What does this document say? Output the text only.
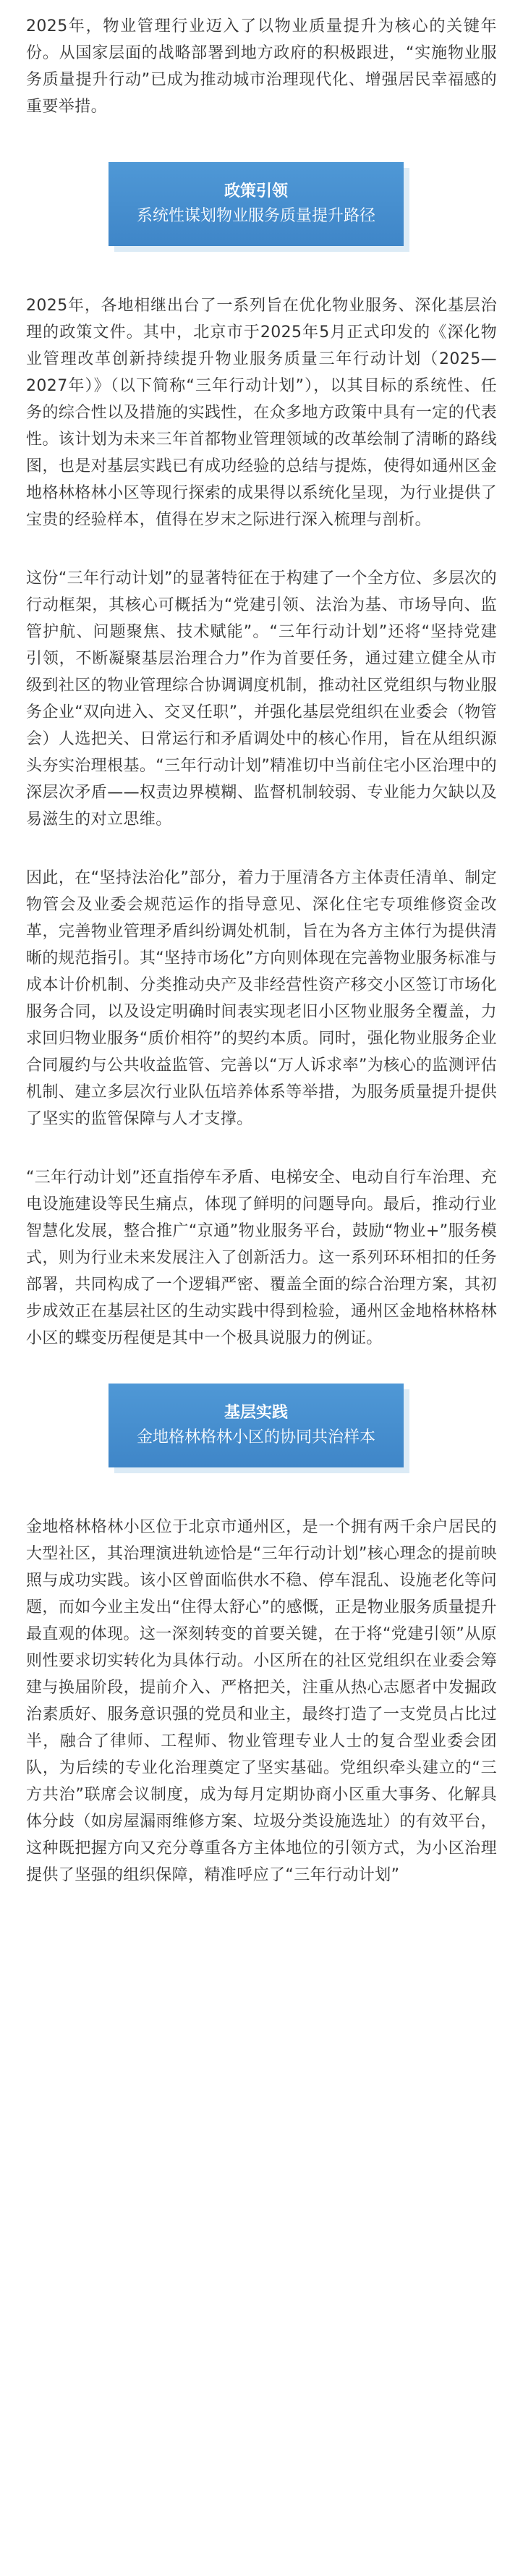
2025年，物业管理行业迈入了以物业质量提升为核心的关键年份。从国家层面的战略部署到地方政府的积极跟进，“实施物业服务质量提升行动”已成为推动城市治理现代化、增强居民幸福感的重要举措。

政策引领
系统性谋划物业服务质量提升路径

2025年，各地相继出台了一系列旨在优化物业服务、深化基层治理的政策文件。其中，北京市于2025年5月正式印发的《深化物业管理改革创新持续提升物业服务质量三年行动计划（2025—2027年）》（以下简称“三年行动计划”），以其目标的系统性、任务的综合性以及措施的实践性，在众多地方政策中具有一定的代表性。该计划为未来三年首都物业管理领域的改革绘制了清晰的路线图，也是对基层实践已有成功经验的总结与提炼，使得如通州区金地格林格林小区等现行探索的成果得以系统化呈现，为行业提供了宝贵的经验样本，值得在岁末之际进行深入梳理与剖析。

这份“三年行动计划”的显著特征在于构建了一个全方位、多层次的行动框架，其核心可概括为“党建引领、法治为基、市场导向、监管护航、问题聚焦、技术赋能”。“三年行动计划”还将“坚持党建引领，不断凝聚基层治理合力”作为首要任务，通过建立健全从市级到社区的物业管理综合协调调度机制，推动社区党组织与物业服务企业“双向进入、交叉任职”，并强化基层党组织在业委会（物管会）人选把关、日常运行和矛盾调处中的核心作用，旨在从组织源头夯实治理根基。“三年行动计划”精准切中当前住宅小区治理中的深层次矛盾——权责边界模糊、监督机制较弱、专业能力欠缺以及易滋生的对立思维。

因此，在“坚持法治化”部分，着力于厘清各方主体责任清单、制定物管会及业委会规范运作的指导意见、深化住宅专项维修资金改革，完善物业管理矛盾纠纷调处机制，旨在为各方主体行为提供清晰的规范指引。其“坚持市场化”方向则体现在完善物业服务标准与成本计价机制、分类推动央产及非经营性资产移交小区签订市场化服务合同，以及设定明确时间表实现老旧小区物业服务全覆盖，力求回归物业服务“质价相符”的契约本质。同时，强化物业服务企业合同履约与公共收益监管、完善以“万人诉求率”为核心的监测评估机制、建立多层次行业队伍培养体系等举措，为服务质量提升提供了坚实的监管保障与人才支撑。

“三年行动计划”还直指停车矛盾、电梯安全、电动自行车治理、充电设施建设等民生痛点，体现了鲜明的问题导向。最后，推动行业智慧化发展，整合推广“京通”物业服务平台，鼓励“物业+”服务模式，则为行业未来发展注入了创新活力。这一系列环环相扣的任务部署，共同构成了一个逻辑严密、覆盖全面的综合治理方案，其初步成效正在基层社区的生动实践中得到检验，通州区金地格林格林小区的蝶变历程便是其中一个极具说服力的例证。

基层实践
金地格林格林小区的协同共治样本

金地格林格林小区位于北京市通州区，是一个拥有两千余户居民的大型社区，其治理演进轨迹恰是“三年行动计划”核心理念的提前映照与成功实践。该小区曾面临供水不稳、停车混乱、设施老化等问题，而如今业主发出“住得太舒心”的感慨，正是物业服务质量提升最直观的体现。这一深刻转变的首要关键，在于将“党建引领”从原则性要求切实转化为具体行动。小区所在的社区党组织在业委会筹建与换届阶段，提前介入、严格把关，注重从热心志愿者中发掘政治素质好、服务意识强的党员和业主，最终打造了一支党员占比过半，融合了律师、工程师、物业管理专业人士的复合型业委会团队，为后续的专业化治理奠定了坚实基础。党组织牵头建立的“三方共治”联席会议制度，成为每月定期协商小区重大事务、化解具体分歧（如房屋漏雨维修方案、垃圾分类设施选址）的有效平台，这种既把握方向又充分尊重各方主体地位的引领方式，为小区治理提供了坚强的组织保障，精准呼应了“三年行动计划”
